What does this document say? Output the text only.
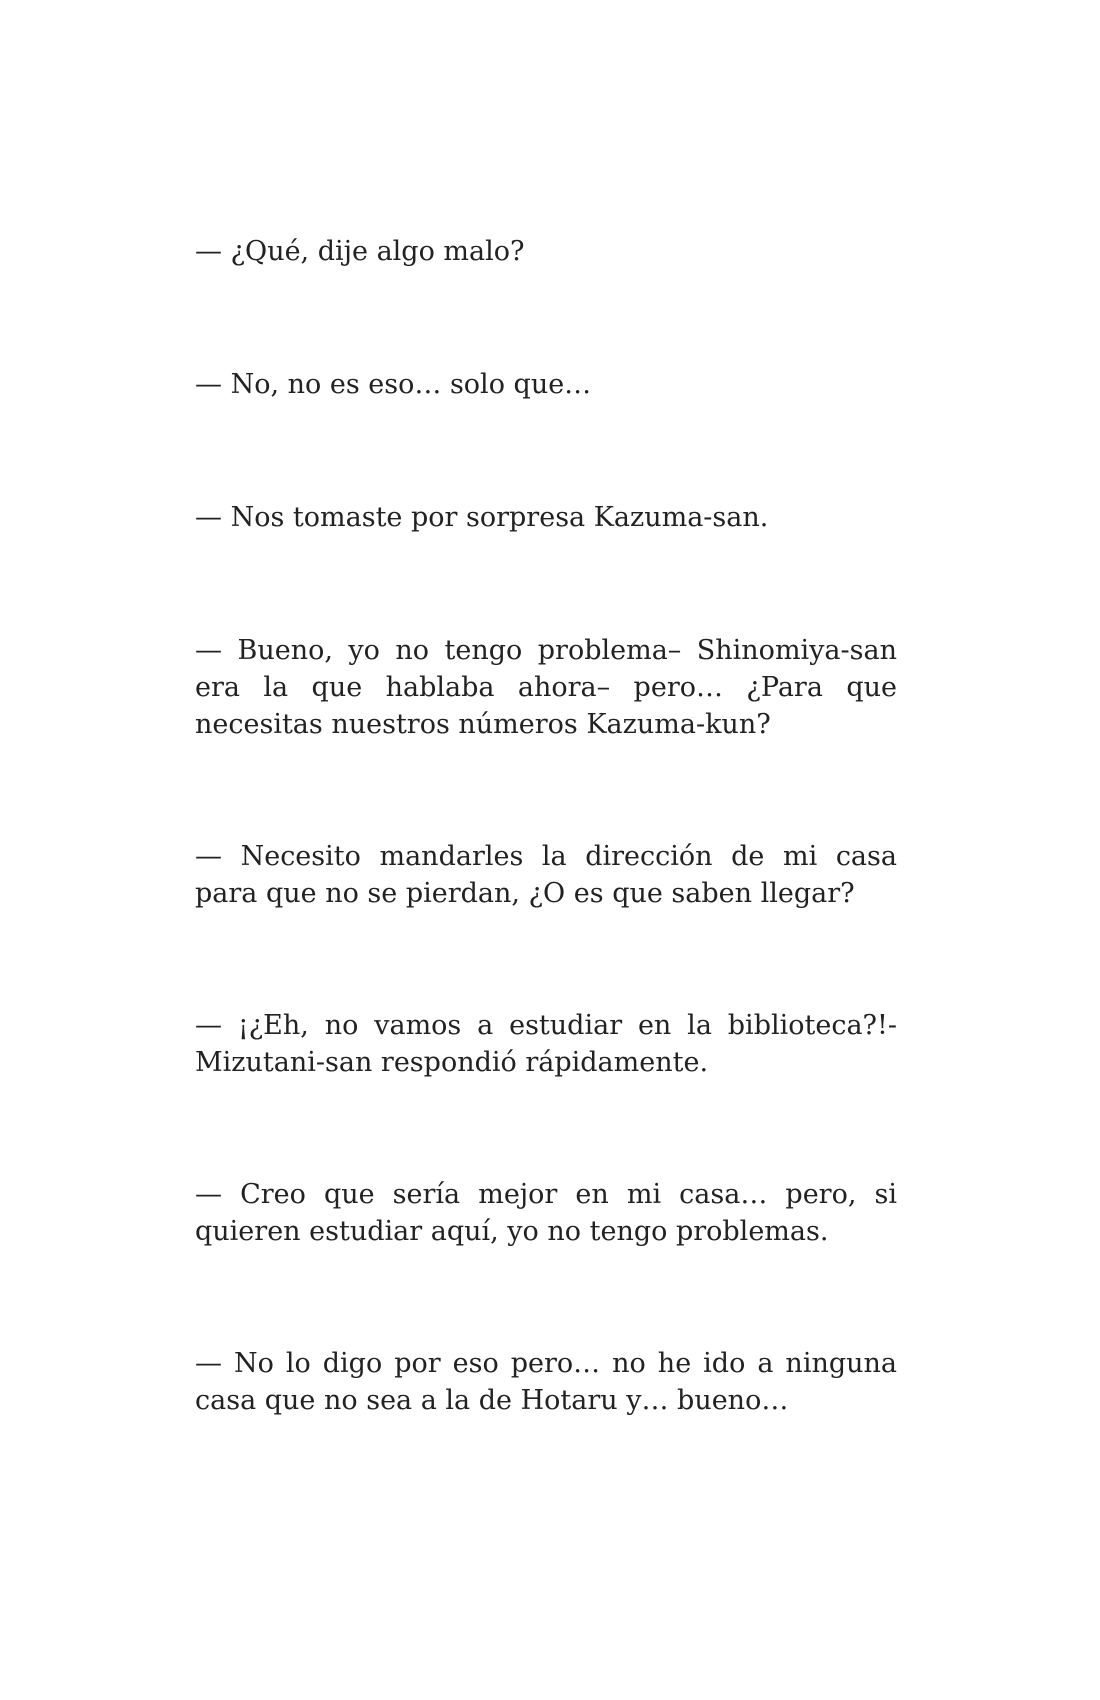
— ¿Qué, dije algo malo?

— No, no es eso… solo que…

— Nos tomaste por sorpresa Kazuma-san.

— Bueno, yo no tengo problema– Shinomiya-san era la que hablaba ahora– pero… ¿Para que necesitas nuestros números Kazuma-kun?

— Necesito mandarles la dirección de mi casa para que no se pierdan, ¿O es que saben llegar?

— ¡¿Eh, no vamos a estudiar en la biblioteca?!- Mizutani-san respondió rápidamente.

— Creo que sería mejor en mi casa… pero, si quieren estudiar aquí, yo no tengo problemas.

— No lo digo por eso pero… no he ido a ninguna casa que no sea a la de Hotaru y… bueno…
